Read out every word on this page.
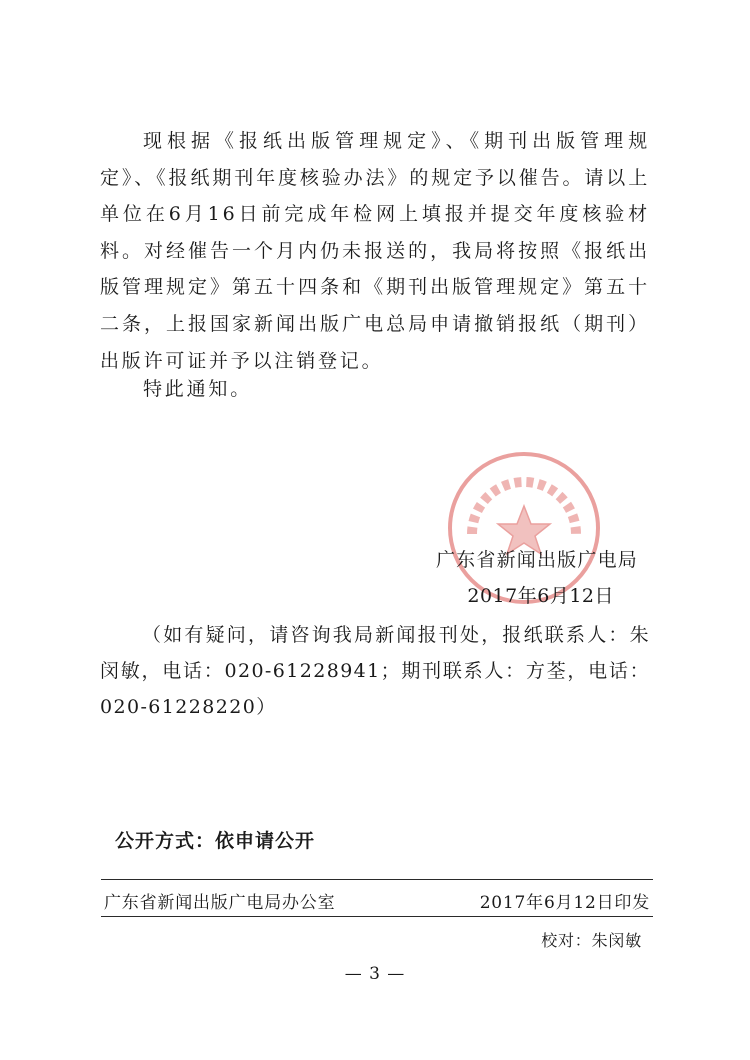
现根据《报纸出版管理规定》、《期刊出版管理规定》、《报纸期刊年度核验办法》的规定予以催告。请以上单位在6月16日前完成年检网上填报并提交年度核验材料。对经催告一个月内仍未报送的，我局将按照《报纸出版管理规定》第五十四条和《期刊出版管理规定》第五十二条，上报国家新闻出版广电总局申请撤销报纸（期刊）出版许可证并予以注销登记。

特此通知。

广东省新闻出版广电局
2017年6月12日

（如有疑问，请咨询我局新闻报刊处，报纸联系人：朱闵敏，电话：020-61228941；期刊联系人：方荃，电话：020-61228220）

公开方式：依申请公开
广东省新闻出版广电局办公室	2017年6月12日印发
校对：朱闵敏
— 3 —
